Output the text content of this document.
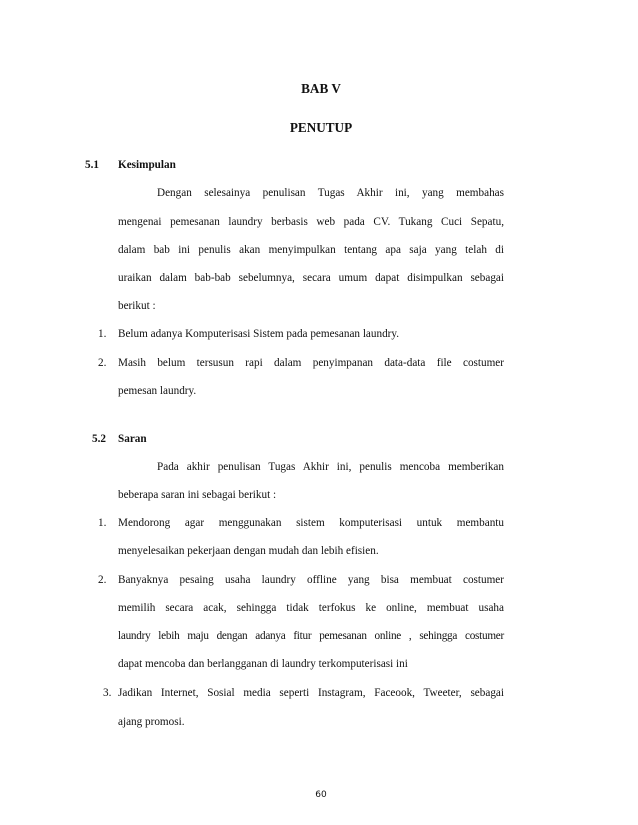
BAB V
PENUTUP
5.1 Kesimpulan
Dengan selesainya penulisan Tugas Akhir ini, yang membahas
mengenai pemesanan laundry berbasis web pada CV. Tukang Cuci Sepatu,
dalam bab ini penulis akan menyimpulkan tentang apa saja yang telah di
uraikan dalam bab-bab sebelumnya, secara umum dapat disimpulkan sebagai
berikut :
1. Belum adanya Komputerisasi Sistem pada pemesanan laundry.
2. Masih belum tersusun rapi dalam penyimpanan data-data file costumer
pemesan laundry.
5.2 Saran
Pada akhir penulisan Tugas Akhir ini, penulis mencoba memberikan
beberapa saran ini sebagai berikut :
1. Mendorong agar menggunakan sistem komputerisasi untuk membantu
menyelesaikan pekerjaan dengan mudah dan lebih efisien.
2. Banyaknya pesaing usaha laundry offline yang bisa membuat costumer
memilih secara acak, sehingga tidak terfokus ke online, membuat usaha
laundry lebih maju dengan adanya fitur pemesanan online , sehingga costumer
dapat mencoba dan berlangganan di laundry terkomputerisasi ini
3. Jadikan Internet, Sosial media seperti Instagram, Faceook, Tweeter, sebagai
ajang promosi.
60
